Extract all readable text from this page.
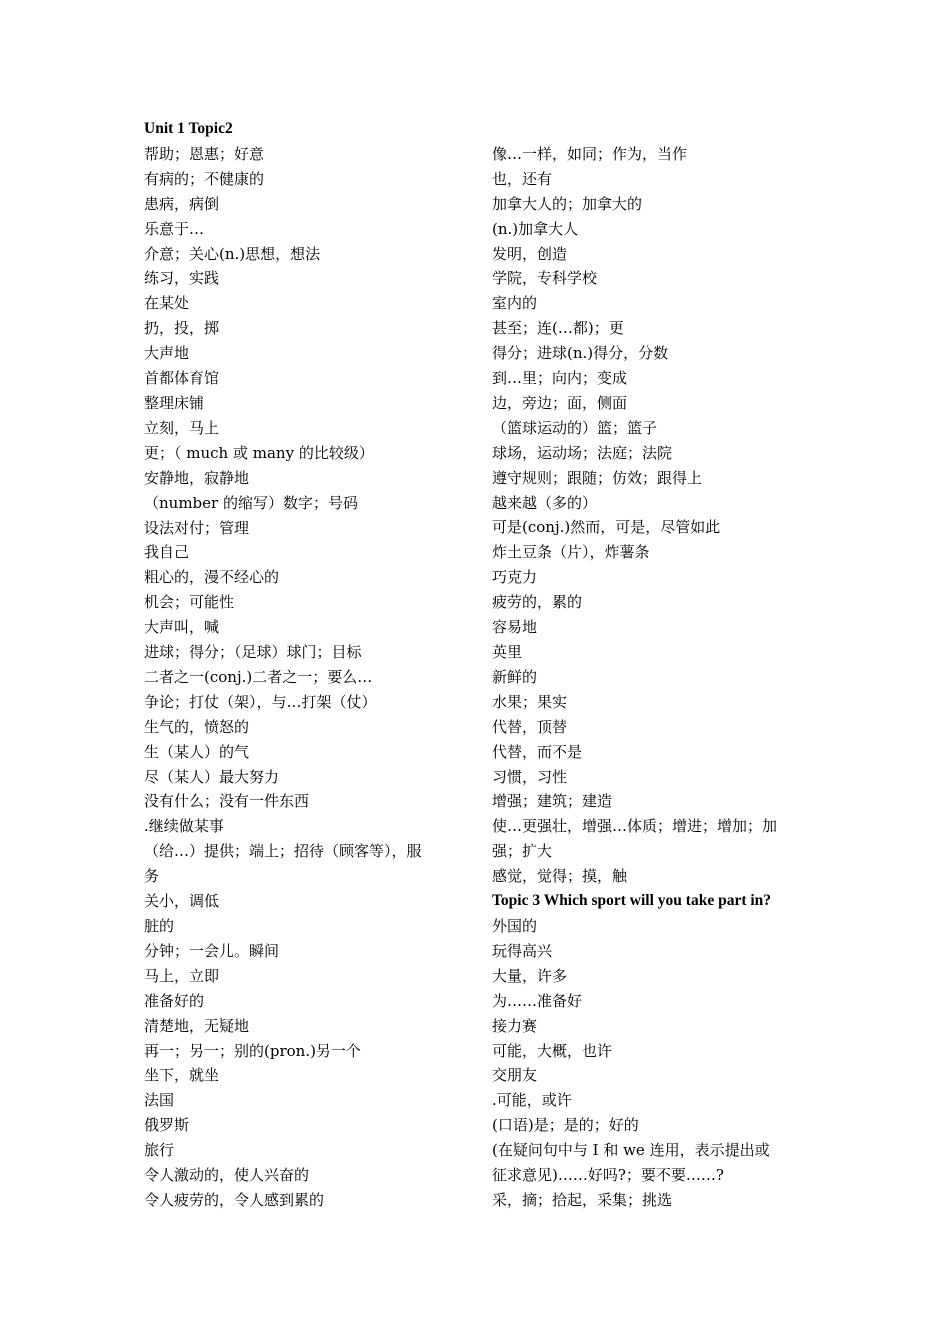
Unit 1 Topic2
帮助；恩惠；好意
有病的；不健康的
患病，病倒
乐意于…
介意；关心(n.)思想，想法
练习，实践
在某处
扔，投，掷
大声地
首都体育馆
整理床铺
立刻，马上
更；（ much 或 many 的比较级）
安静地，寂静地
（number 的缩写）数字；号码
设法对付；管理
我自己
粗心的，漫不经心的
机会；可能性
大声叫，喊
进球；得分；（足球）球门；目标
二者之一(conj.)二者之一；要么…
争论；打仗（架），与…打架（仗）
生气的，愤怒的
生（某人）的气
尽（某人）最大努力
没有什么；没有一件东西
.继续做某事
（给…）提供；端上；招待（顾客等），服
务
关小，调低
脏的
分钟；一会儿。瞬间
马上，立即
准备好的
清楚地，无疑地
再一；另一；别的(pron.)另一个
坐下，就坐
法国
俄罗斯
旅行
令人激动的，使人兴奋的
令人疲劳的，令人感到累的
像…一样，如同；作为，当作
也，还有
加拿大人的；加拿大的
(n.)加拿大人
发明，创造
学院，专科学校
室内的
甚至；连(…都)；更
得分；进球(n.)得分，分数
到…里；向内；变成
边，旁边；面，侧面
（篮球运动的）篮；篮子
球场，运动场；法庭；法院
遵守规则；跟随；仿效；跟得上
越来越（多的）
可是(conj.)然而，可是，尽管如此
炸土豆条（片），炸薯条
巧克力
疲劳的，累的
容易地
英里
新鲜的
水果；果实
代替，顶替
代替，而不是
习惯，习性
增强；建筑；建造
使…更强壮，增强…体质；增进；增加；加
强；扩大
感觉，觉得；摸，触
Topic 3 Which sport will you take part in?
外国的
玩得高兴
大量，许多
为……准备好
接力赛
可能，大概，也许
交朋友
.可能，或许
(口语)是；是的；好的
(在疑问句中与 I 和 we 连用，表示提出或
征求意见)……好吗?；要不要……?
采，摘；拾起，采集；挑选
